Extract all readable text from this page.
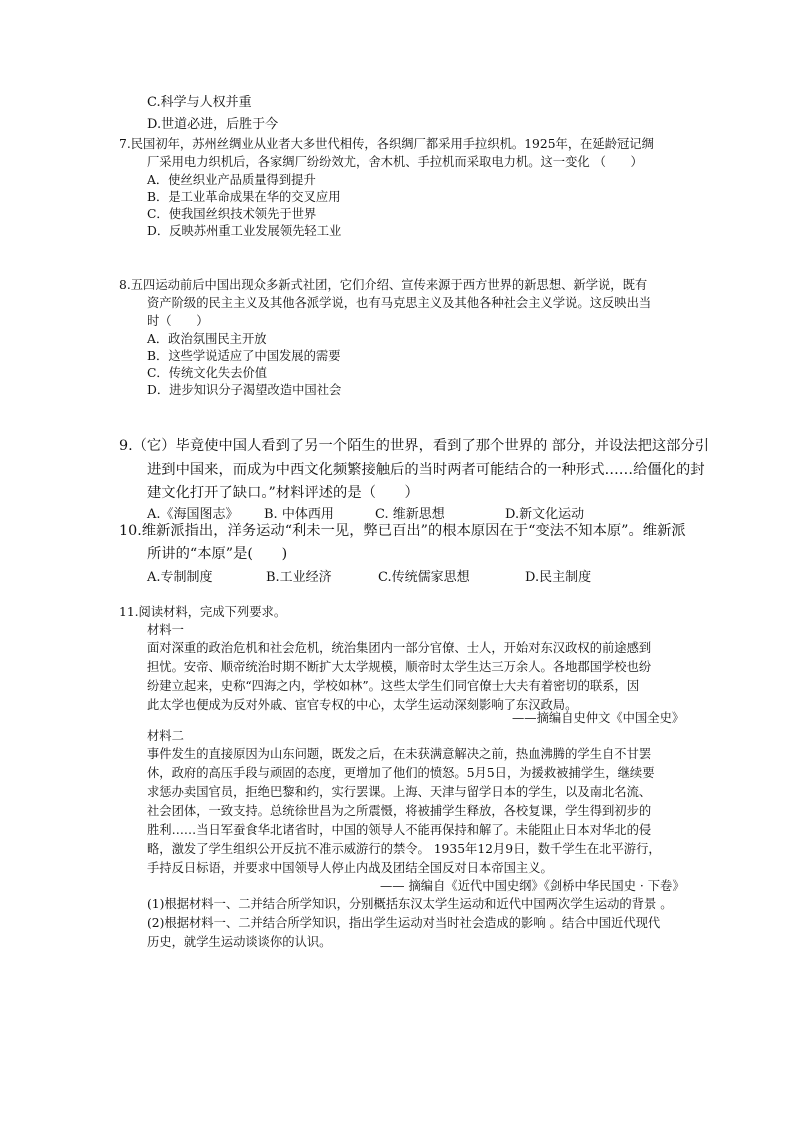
C.科学与人权并重
D.世道必进，后胜于今
7.民国初年，苏州丝绸业从业者大多世代相传，各织绸厂都采用手拉织机。1925年，在延龄冠记绸
厂采用电力织机后，各家绸厂纷纷效尤，舍木机、手拉机而采取电力机。这一变化 （　　）
A．使丝织业产品质量得到提升
B．是工业革命成果在华的交叉应用
C．使我国丝织技术领先于世界
D．反映苏州重工业发展领先轻工业
8.五四运动前后中国出现众多新式社团，它们介绍、宣传来源于西方世界的新思想、新学说，既有
资产阶级的民主主义及其他各派学说，也有马克思主义及其他各种社会主义学说。这反映出当
时（　　）
A．政治氛围民主开放
B．这些学说适应了中国发展的需要
C．传统文化失去价值
D．进步知识分子渴望改造中国社会
9.（它）毕竟使中国人看到了另一个陌生的世界，看到了那个世界的 部分，并设法把这部分引
进到中国来，而成为中西文化频繁接触后的当时两者可能结合的一种形式……给僵化的封
建文化打开了缺口。”材料评述的是（　　）
A.《海国图志》 B. 中体西用	C. 维新思想	D.新文化运动
10.维新派指出，洋务运动“利未一见，弊已百出”的根本原因在于“变法不知本原”。维新派
所讲的“本原”是(　　)
A.专制制度	B.工业经济	C.传统儒家思想	D.民主制度
11.阅读材料，完成下列要求。
材料一
面对深重的政治危机和社会危机，统治集团内一部分官僚、士人，开始对东汉政权的前途感到
担忧。安帝、顺帝统治时期不断扩大太学规模，顺帝时太学生达三万余人。各地郡国学校也纷
纷建立起来，史称“四海之内，学校如林”。这些太学生们同官僚士大夫有着密切的联系，因
此太学也便成为反对外戚、宦官专权的中心，太学生运动深刻影响了东汉政局。
——摘编自史仲文《中国全史》
材料二
事件发生的直接原因为山东问题，既发之后，在未获满意解决之前，热血沸腾的学生自不甘罢
休，政府的高压手段与顽固的态度，更增加了他们的愤怒。5月5日，为援救被捕学生，继续要
求惩办卖国官员，拒绝巴黎和约，实行罢课。上海、天津与留学日本的学生，以及南北名流、
社会团体，一致支持。总统徐世昌为之所震慑，将被捕学生释放，各校复课，学生得到初步的
胜利……当日军蚕食华北诸省时，中国的领导人不能再保持和解了。未能阻止日本对华北的侵
略，激发了学生组织公开反抗不准示威游行的禁令。 1935年12月9日，数千学生在北平游行，
手持反日标语，并要求中国领导人停止内战及团结全国反对日本帝国主义。
—— 摘编自《近代中国史纲》《剑桥中华民国史 · 下卷》
(1)根据材料一、二并结合所学知识，分别概括东汉太学生运动和近代中国两次学生运动的背景 。
(2)根据材料一、二并结合所学知识，指出学生运动对当时社会造成的影响 。结合中国近代现代
历史，就学生运动谈谈你的认识。
